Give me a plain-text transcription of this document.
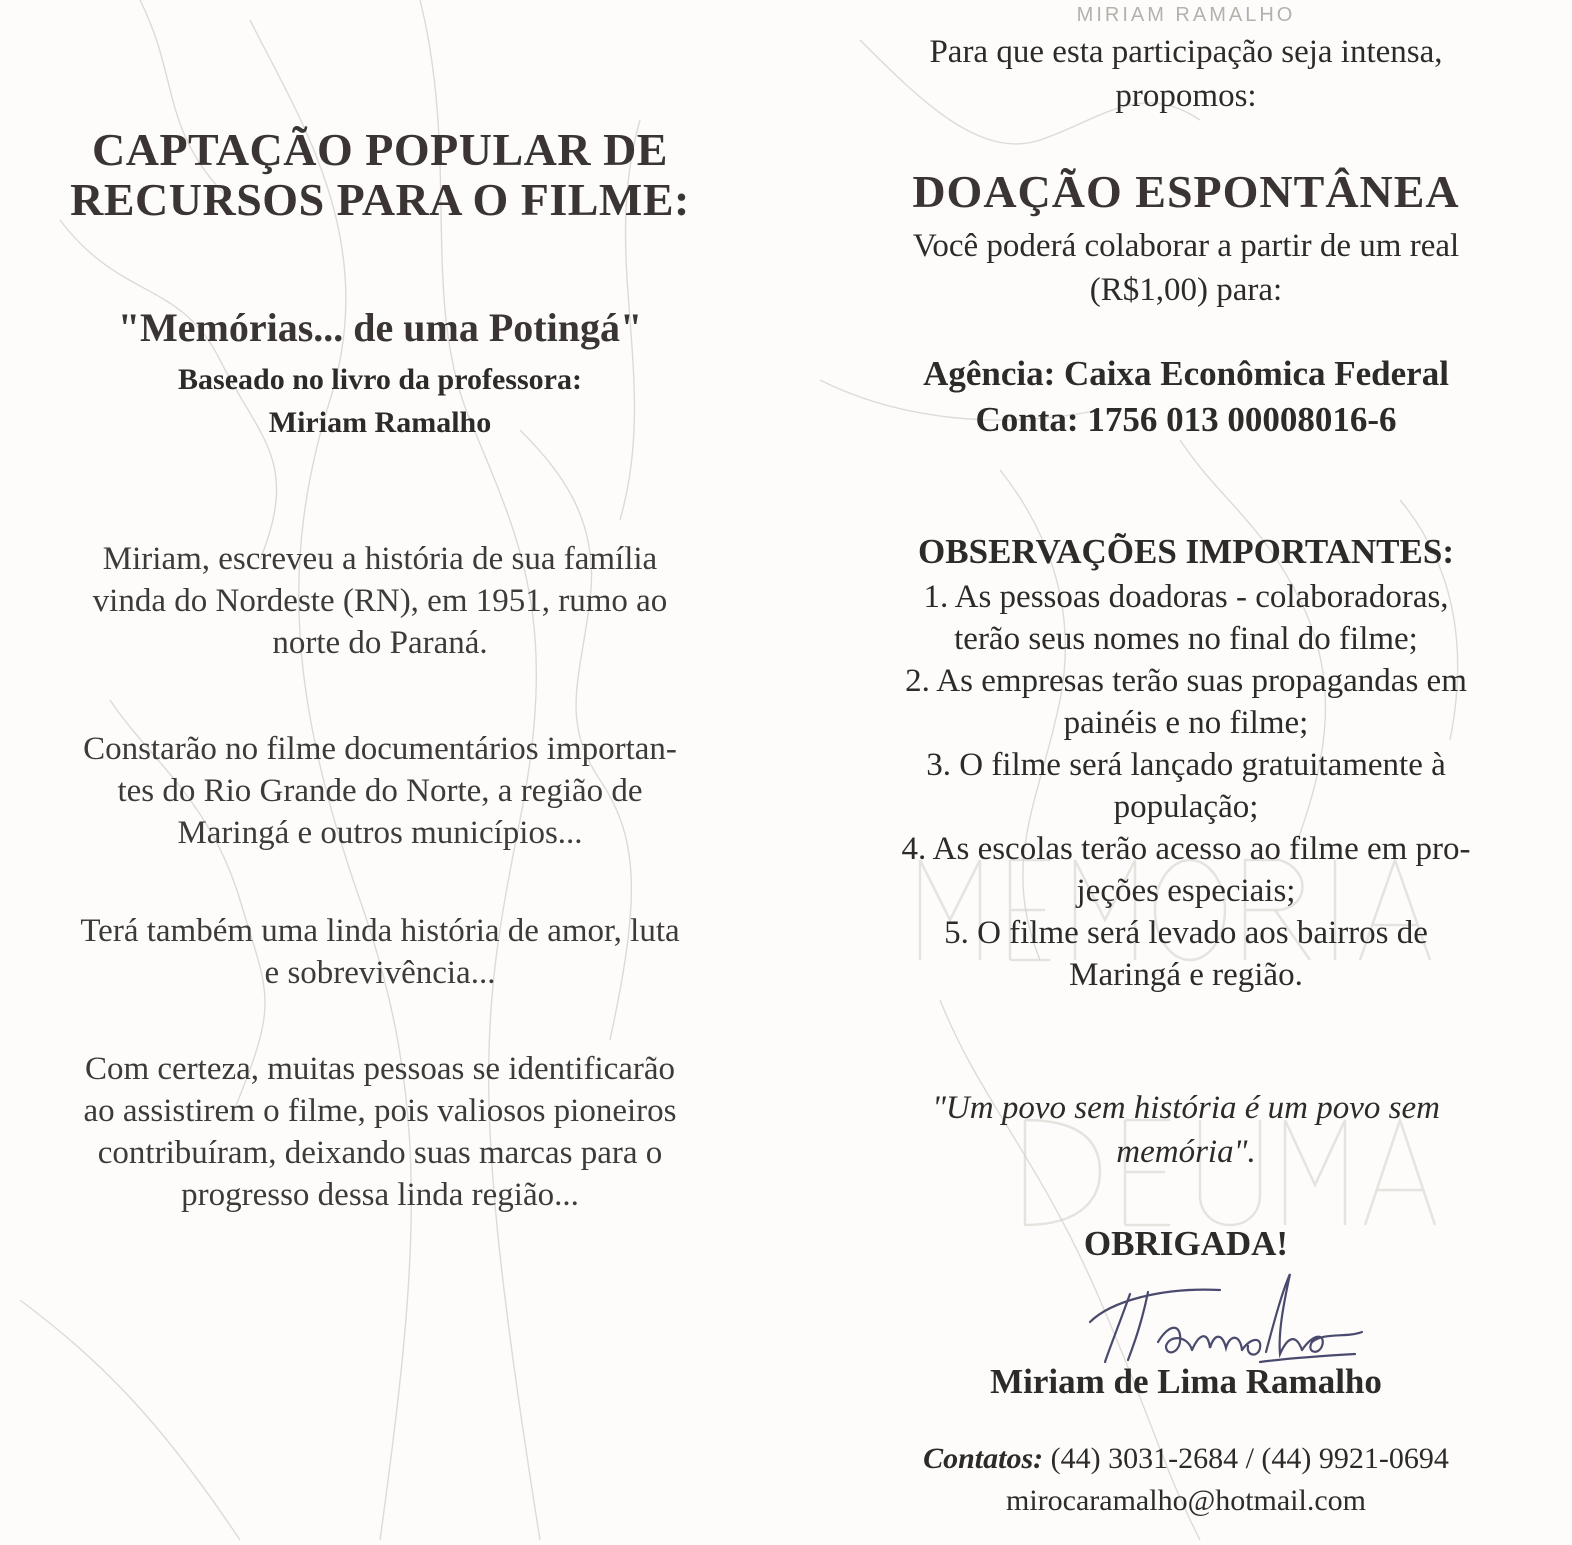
CAPTAÇÃO POPULAR DE
RECURSOS PARA O FILME:
"Memórias... de uma Potingá"

Baseado no livro da professora:

Miriam Ramalho

Miriam, escreveu a história de sua família
vinda do Nordeste (RN), em 1951, rumo ao
norte do Paraná.

Constarão no filme documentários importan-
tes do Rio Grande do Norte, a região de
Maringá e outros municípios...

Terá também uma linda história de amor, luta
e sobrevivência...

Com certeza, muitas pessoas se identificarão
ao assistirem o filme, pois valiosos pioneiros
contribuíram, deixando suas marcas para o
progresso dessa linda região...

MIRIAM RAMALHO

Para que esta participação seja intensa,
propomos:

DOAÇÃO ESPONTÂNEA

Você poderá colaborar a partir de um real
(R$1,00) para:

Agência: Caixa Econômica Federal

Conta: 1756 013 00008016-6

OBSERVAÇÕES IMPORTANTES:
1. As pessoas doadoras - colaboradoras,
terão seus nomes no final do filme;
2. As empresas terão suas propagandas em
painéis e no filme;
3. O filme será lançado gratuitamente à
população;
4. As escolas terão acesso ao filme em pro-
jeções especiais;
5. O filme será levado aos bairros de
Maringá e região.

"Um povo sem história é um povo sem
memória".

OBRIGADA!

Miriam de Lima Ramalho

Contatos: (44) 3031-2684 / (44) 9921-0694

mirocaramalho@hotmail.com
